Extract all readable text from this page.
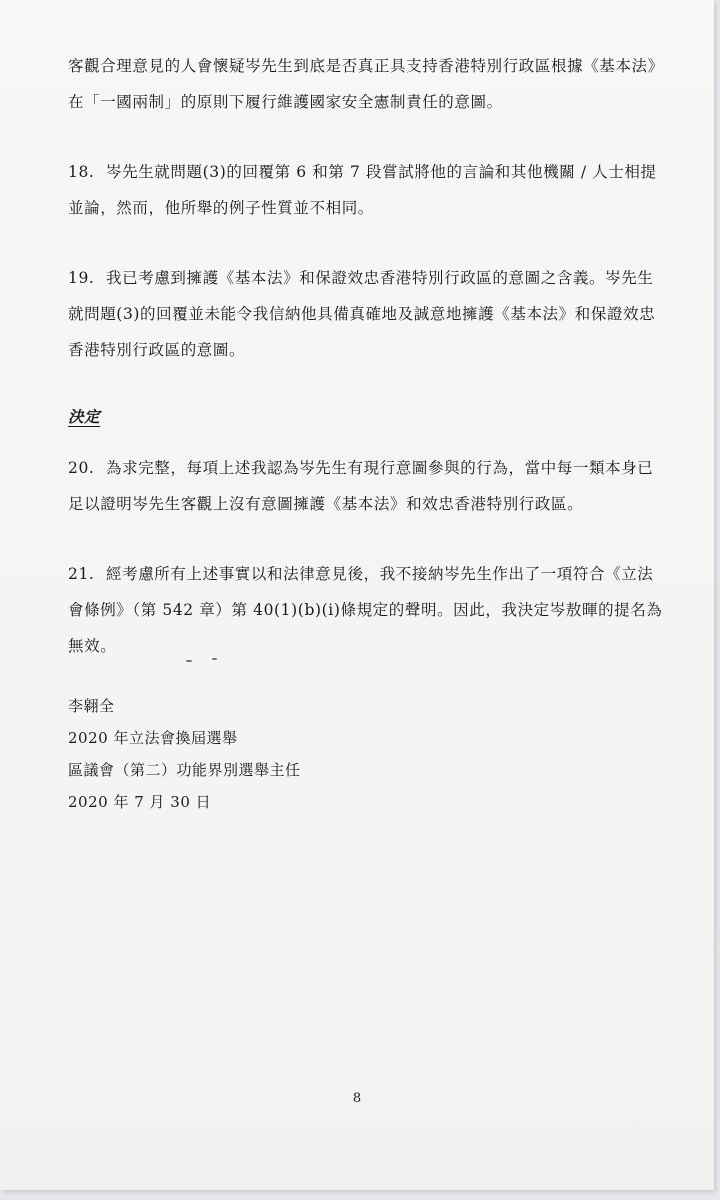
客觀合理意見的人會懷疑岑先生到底是否真正具支持香港特別行政區根據《基本法》在「一國兩制」的原則下履行維護國家安全憲制責任的意圖。

18. 岑先生就問題(3)的回覆第 6 和第 7 段嘗試將他的言論和其他機關 / 人士相提並論，然而，他所舉的例子性質並不相同。

19. 我已考慮到擁護《基本法》和保證效忠香港特別行政區的意圖之含義。岑先生就問題(3)的回覆並未能令我信納他具備真確地及誠意地擁護《基本法》和保證效忠香港特別行政區的意圖。

決定

20. 為求完整，每項上述我認為岑先生有現行意圖參與的行為，當中每一類本身已足以證明岑先生客觀上沒有意圖擁護《基本法》和效忠香港特別行政區。

21. 經考慮所有上述事實以和法律意見後，我不接納岑先生作出了一項符合《立法會條例》（第 542 章）第 40(1)(b)(i)條規定的聲明。因此，我決定岑敖暉的提名為無效。

李翱全
2020 年立法會換屆選舉
區議會（第二）功能界別選舉主任
2020 年 7 月 30 日
8
